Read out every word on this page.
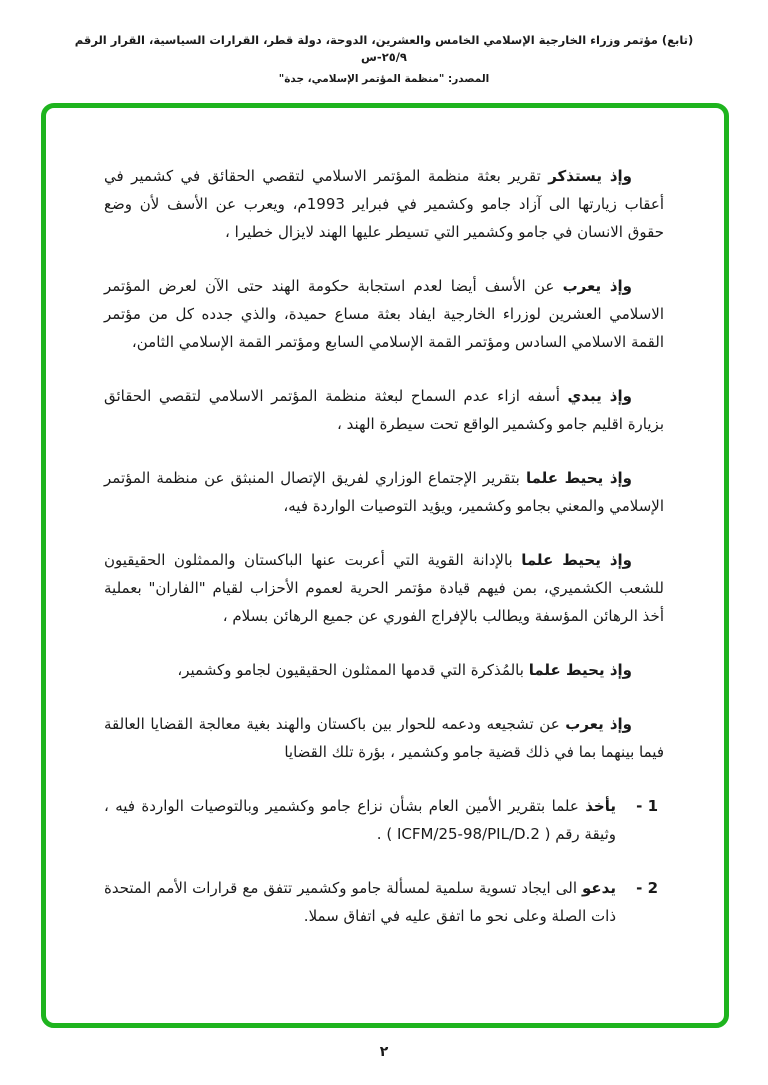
(تابع) مؤتمر وزراء الخارجية الإسلامي الخامس والعشرين، الدوحة، دولة قطر، القرارات السياسية، القرار الرقم ٢٥/٩-س
المصدر: "منظمة المؤتمر الإسلامي، جدة"

وإذ يستذكر تقرير بعثة منظمة المؤتمر الاسلامي لتقصي الحقائق في كشمير في أعقاب زيارتها الى آزاد جامو وكشمير في فبراير 1993م، ويعرب عن الأسف لأن وضع حقوق الانسان في جامو وكشمير التي تسيطر عليها الهند لايزال خطيرا ،

وإذ يعرب عن الأسف أيضا لعدم استجابة حكومة الهند حتى الآن لعرض المؤتمر الاسلامي العشرين لوزراء الخارجية ايفاد بعثة مساع حميدة، والذي جدده كل من مؤتمر القمة الاسلامي السادس ومؤتمر القمة الإسلامي السابع ومؤتمر القمة الإسلامي الثامن،

وإذ يبدي أسفه ازاء عدم السماح لبعثة منظمة المؤتمر الاسلامي لتقصي الحقائق بزيارة اقليم جامو وكشمير الواقع تحت سيطرة الهند ،

وإذ يحيط علما بتقرير الإجتماع الوزاري لفريق الإتصال المنبثق عن منظمة المؤتمر الإسلامي والمعني بجامو وكشمير، ويؤيد التوصيات الواردة فيه،

وإذ يحيط علما بالإدانة القوية التي أعربت عنها الباكستان والممثلون الحقيقيون للشعب الكشميري، بمن فيهم قيادة مؤتمر الحرية لعموم الأحزاب لقيام "الفاران" بعملية أخذ الرهائن المؤسفة ويطالب بالإفراج الفوري عن جميع الرهائن بسلام ،

وإذ يحيط علما بالمُذكرة التي قدمها الممثلون الحقيقيون لجامو وكشمير،

وإذ يعرب عن تشجيعه ودعمه للحوار بين باكستان والهند بغية معالجة القضايا العالقة فيما بينهما بما في ذلك قضية جامو وكشمير ، بؤرة تلك القضايا

1 -

يأخذ علما بتقرير الأمين العام بشأن نزاع جامو وكشمير وبالتوصيات الواردة فيه ، وثيقة رقم ( ICFM/25-98/PIL/D.2 ) .

2 -

يدعو الى ايجاد تسوية سلمية لمسألة جامو وكشمير تتفق مع قرارات الأمم المتحدة ذات الصلة وعلى نحو ما اتفق عليه في اتفاق سملا.

٢
